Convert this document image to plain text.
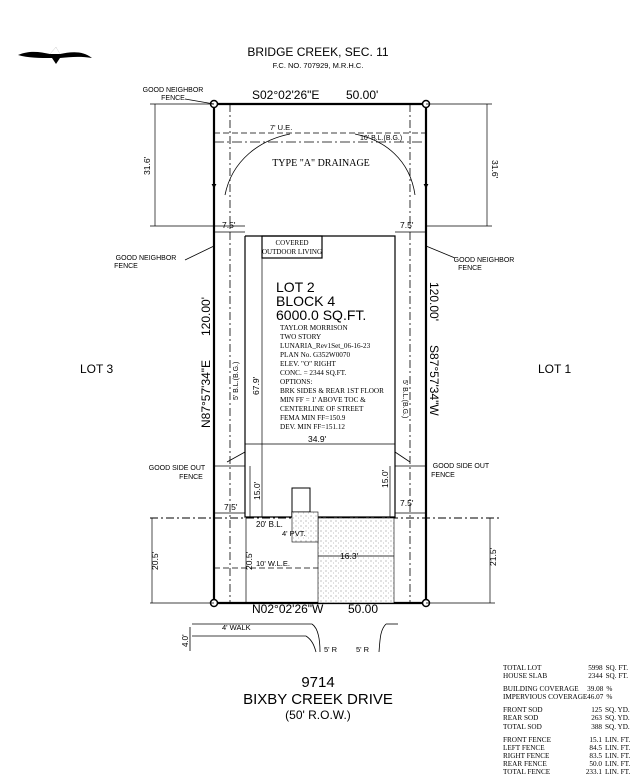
BRIDGE CREEK, SEC. 11
F.C. NO. 707929, M.R.H.C.
S02°02'26"E 50.00'
7' U.E.
10' B.L.(B.G.)
TYPE "A" DRAINAGE
5' B.L.(B.G.)	5' B.L.(B.G.)
31.6'	31.6'
GOOD NEIGHBOR
FENCE
7.5'	7.5'
COVERED
OUTDOOR LIVING
GOOD NEIGHBOR
FENCE
GOOD NEIGHBOR
FENCE
LOT 2
BLOCK 4
6000.0 SQ.FT.
LOT 3	LOT 1
N87°57'34"E
120.00'
S87°57'34"W
120.00'
TAYLOR MORRISON
TWO STORY
LUNARIA_Rev1Set_06-16-23
PLAN No. G352W0070
ELEV. "O" RIGHT
CONC. = 2344 SQ.FT.
OPTIONS:
BRK SIDES & REAR 1ST FLOOR
MIN FF = 1' ABOVE TOC &
CENTERLINE OF STREET
FEMA MIN FF=150.9
DEV. MIN FF=151.12
67.9'
34.9'
GOOD SIDE OUT
FENCE
GOOD SIDE OUT
FENCE
15.0'
15.0'
7.5'	7.5'
20' B.L.
4' PVT.
16.3'
10' W.L.E.
20.5'	20.5'	21.5'
N02°02'26"W 50.00
4' WALK
4.0'
5' R	5' R
9714
BIXBY CREEK DRIVE
(50' R.O.W.)
TOTAL LOT	5998 SQ. FT.
HOUSE SLAB	2344 SQ. FT.
BUILDING COVERAGE	39.08 %
IMPERVIOUS COVERAGE 46.07 %
FRONT SOD	125 SQ. YD.
REAR SOD	263 SQ. YD.
TOTAL SOD	388 SQ. YD.
FRONT FENCE	15.1 LIN. FT.
LEFT FENCE	84.5 LIN. FT.
RIGHT FENCE	83.5 LIN. FT.
REAR FENCE	50.0 LIN. FT.
TOTAL FENCE	233.1 LIN. FT.
